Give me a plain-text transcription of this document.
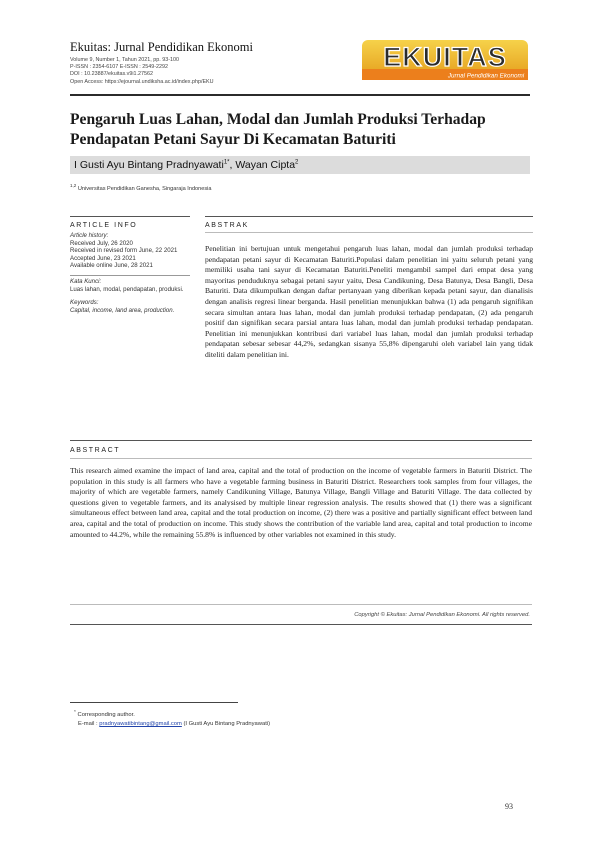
Ekuitas: Jurnal Pendidikan Ekonomi
Volume 9, Number 1, Tahun 2021, pp. 93-100
P-ISSN : 2354-6107 E-ISSN : 2549-2292
DOI : 10.23887/ekuitas.v9i1.27562
Open Access: https://ejournal.undiksha.ac.id/index.php/EKU
EKUITAS
Jurnal Pendidikan Ekonomi
Pengaruh Luas Lahan, Modal dan Jumlah Produksi Terhadap Pendapatan Petani Sayur Di Kecamatan Baturiti
I Gusti Ayu Bintang Pradnyawati$^{1*}$, Wayan Cipta$^2$
$^{1,2}$ Universitas Pendidikan Ganesha, Singaraja Indonesia
ARTICLE INFO
Article history:
Received July, 26 2020
Received in revised form June, 22 2021
Accepted June, 23 2021
Available online June, 28 2021
Kata Kunci:
Luas lahan, modal, pendapatan, produksi.
Keywords:
Capital, income, land area, production.
ABSTRAK

Penelitian ini bertujuan untuk mengetahui pengaruh luas lahan, modal dan jumlah produksi terhadap pendapatan petani sayur di Kecamatan Baturiti.Populasi dalam penelitian ini yaitu seluruh petani yang memiliki usaha tani sayur di Kecamatan Baturiti.Peneliti mengambil sampel dari empat desa yang mayoritas penduduknya sebagai petani sayur yaitu, Desa Candikuning, Desa Batunya, Desa Bangli, Desa Baturiti. Data dikumpulkan dengan daftar pertanyaan yang diberikan kepada petani sayur, dan dianalisis dengan analisis regresi linear berganda. Hasil penelitian menunjukkan bahwa (1) ada pengaruh signifikan secara simultan antara luas lahan, modal dan jumlah produksi terhadap pendapatan, (2) ada pengaruh positif dan signifikan secara parsial antara luas lahan, modal dan jumlah produksi terhadap pendapatan. Penelitian ini menunjukkan kontribusi dari variabel luas lahan, modal dan jumlah produksi terhadap pendapatan sebesar sebesar 44,2%, sedangkan sisanya 55,8% dipengaruhi oleh variabel lain yang tidak diteliti dalam penelitian ini.

ABSTRACT

This research aimed examine the impact of land area, capital and the total of production on the income of vegetable farmers in Baturiti District. The population in this study is all farmers who have a vegetable farming business in Baturiti District. Researchers took samples from four villages, the majority of which are vegetable farmers, namely Candikuning Village, Batunya Village, Bangli Village and Baturiti Village. The data collected by questions given to vegetable farmers, and its analysised by multiple linear regression analysis. The results showed that (1) there was a significant simultaneous effect between land area, capital and the total production on income, (2) there was a positive and partially significant effect between land area, capital and the total of production on income. This study shows the contribution of the variable land area, capital and total production to income amounted to 44.2%, while the remaining 55.8% is influenced by other variables not examined in this study.

Copyright © Ekuitas: Jurnal Pendidikan Ekonomi. All rights reserved.
* Corresponding author.
E-mail : pradnyawatibintang@gmail.com (I Gusti Ayu Bintang Pradnyawati)
93
